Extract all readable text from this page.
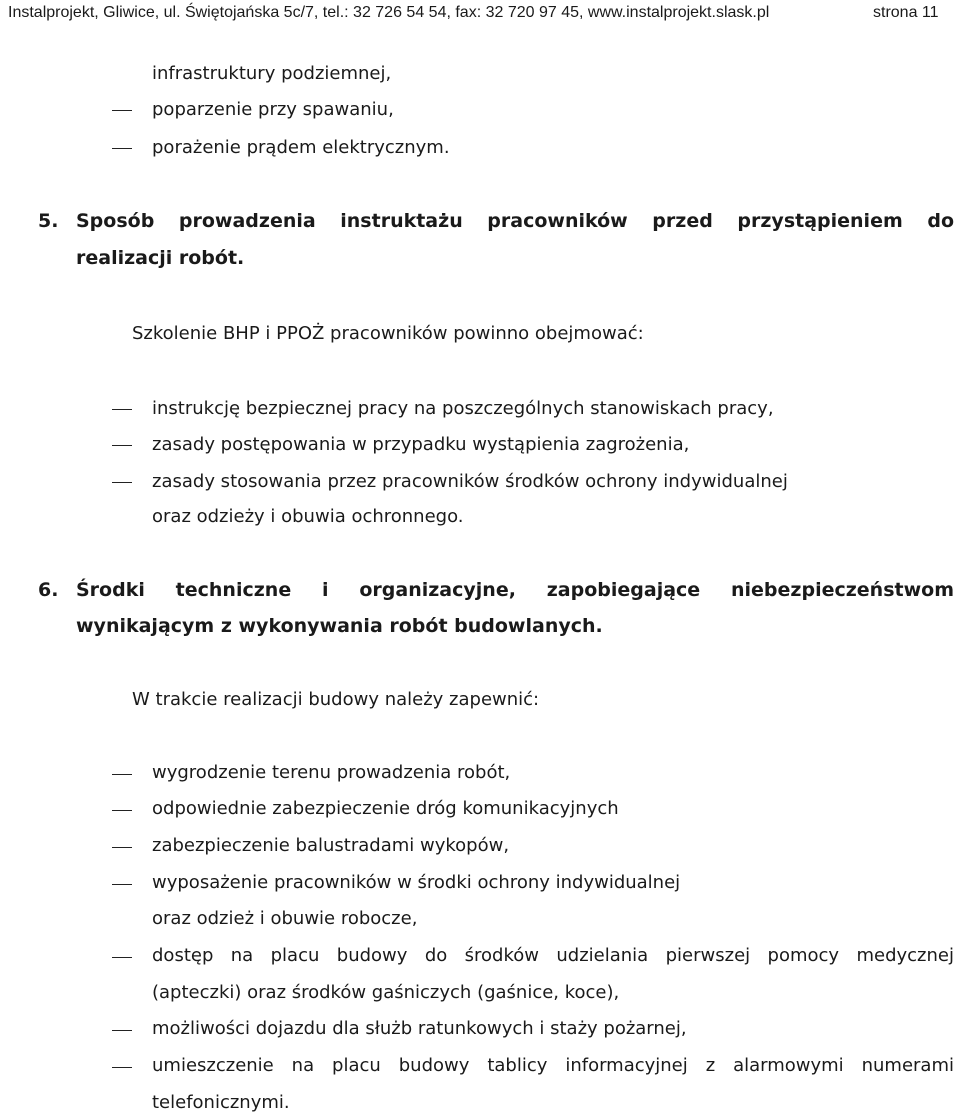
Instalprojekt, Gliwice, ul. Świętojańska 5c/7, tel.: 32 726 54 54, fax: 32 720 97 45, www.instalprojekt.slask.pl	strona 11
infrastruktury podziemnej,
poparzenie przy spawaniu,
porażenie prądem elektrycznym.
5. Sposób prowadzenia instruktażu pracowników przed przystąpieniem do
realizacji robót.
Szkolenie BHP i PPOŻ pracowników powinno obejmować:
instrukcję bezpiecznej pracy na poszczególnych stanowiskach pracy,
zasady postępowania w przypadku wystąpienia zagrożenia,
zasady stosowania przez pracowników środków ochrony indywidualnej
oraz odzieży i obuwia ochronnego.
6. Środki techniczne i organizacyjne, zapobiegające niebezpieczeństwom
wynikającym z wykonywania robót budowlanych.
W trakcie realizacji budowy należy zapewnić:
wygrodzenie terenu prowadzenia robót,
odpowiednie zabezpieczenie dróg komunikacyjnych
zabezpieczenie balustradami wykopów,
wyposażenie pracowników w środki ochrony indywidualnej
oraz odzież i obuwie robocze,
dostęp na placu budowy do środków udzielania pierwszej pomocy medycznej
(apteczki) oraz środków gaśniczych (gaśnice, koce),
możliwości dojazdu dla służb ratunkowych i staży pożarnej,
umieszczenie na placu budowy tablicy informacyjnej z alarmowymi numerami
telefonicznymi.
